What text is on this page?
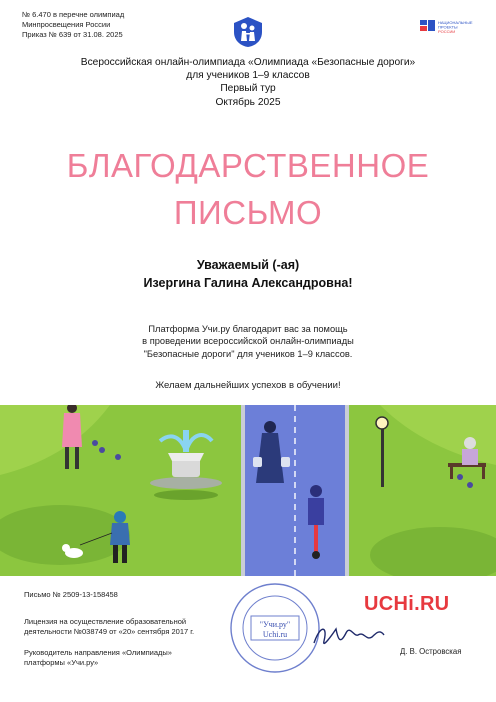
№ 6.470 в перечне олимпиад
Минпросвещения России
Приказ № 639 от 31.08. 2025
НАЦИОНАЛЬНЫЕ
ПРОЕКТЫ
РОССИИ
Всероссийская онлайн-олимпиада «Олимпиада «Безопасные дороги»
для учеников 1–9 классов
Первый тур
Октябрь 2025
БЛАГОДАРСТВЕННОЕ
ПИСЬМО
Уважаемый (-ая)
Изергина Галина Александровна!
Платформа Учи.ру благодарит вас за помощь
в проведении всероссийской онлайн-олимпиады
"Безопасные дороги" для учеников 1–9 классов.
Желаем дальнейших успехов в обучении!
Письмо № 2509-13-158458
Лицензия на осуществление образовательной
деятельности №038749 от «20» сентября 2017 г.
Руководитель направления «Олимпиады»
платформы «Учи.ру»
"Учи.ру"
Uchi.ru
UCHi.RU
Д. В. Островская
